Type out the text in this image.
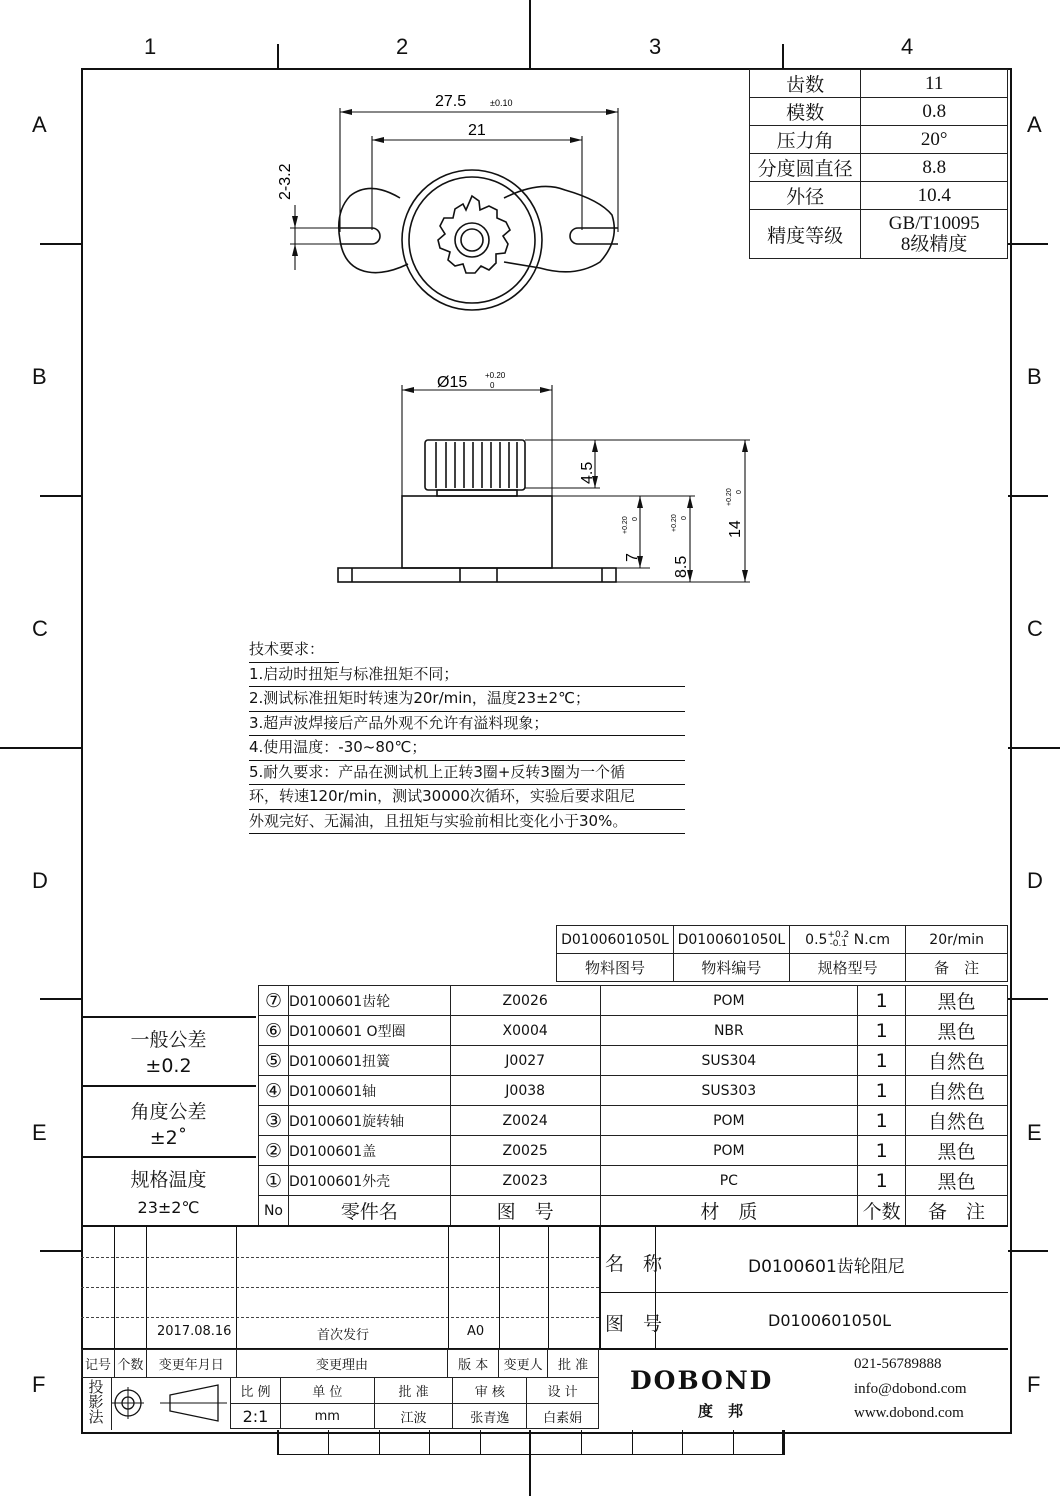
1	2	3	4
A
B
C
D
E
F
A
B
C
D
E
F
齿数	11
模数	0.8
压力角	20°
分度圆直径	8.8
外径	10.4
精度等级	GB/T10095
8级精度
27.5	±0.10
21
2-3.2
Ø15 +0.20
0
4.5
7
+0.20 0
8.5
+0.20 0
14
+0.20 0
技术要求：
1.启动时扭矩与标准扭矩不同；
2.测试标准扭矩时转速为20r/min，温度23±2℃；
3.超声波焊接后产品外观不允许有溢料现象；
4.使用温度：-30~80℃；
5.耐久要求：产品在测试机上正转3圈+反转3圈为一个循
环，转速120r/min，测试30000次循环，实验后要求阻尼
外观完好、无漏油，且扭矩与实验前相比变化小于30%。
D0100601050L	D0100601050L	0.5+0.2
-0.1 N.cm	20r/min
物料图号	物料编号	规格型号	备　注
⑦	D0100601齿轮	Z0026	POM	1	黑色
⑥	D0100601 O型圈	X0004	NBR	1	黑色
⑤	D0100601扭簧	J0027	SUS304	1	自然色
④	D0100601轴	J0038	SUS303	1	自然色
③	D0100601旋转轴	Z0024	POM	1	自然色
②	D0100601盖	Z0025	POM	1	黑色
①	D0100601外壳	Z0023	PC	1	黑色
No	零件名	图　号	材　质	个数	备　注
一般公差
±0.2
角度公差
±2˚
规格温度
23±2℃
2017.08.16	首次发行	A0
名　称	D0100601齿轮阻尼
图　号	D0100601050L
记号	个数	变更年月日	变更理由	版 本	变更人	批 准
投影法
比 例	单 位	批 准	审 核	设 计
2:1	mm	江波	张青逸	白素娟
DOBOND
度　邦
021-56789888
info@dobond.com
www.dobond.com
